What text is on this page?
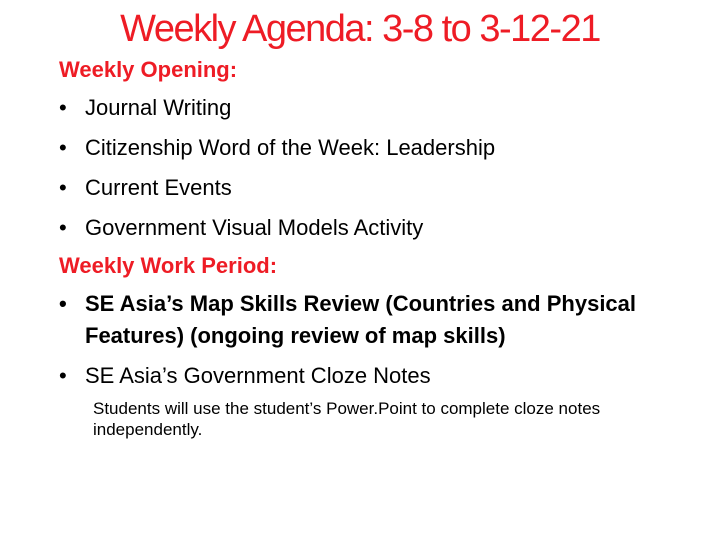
Weekly Agenda: 3-8 to 3-12-21
Weekly Opening:
• Journal Writing
• Citizenship Word of the Week: Leadership
• Current Events
• Government Visual Models Activity
Weekly Work Period:
• SE Asia’s Map Skills Review (Countries and Physical Features) (ongoing review of map skills)
• SE Asia’s Government Cloze Notes
Students will use the student’s Power.Point to complete cloze notes independently.
